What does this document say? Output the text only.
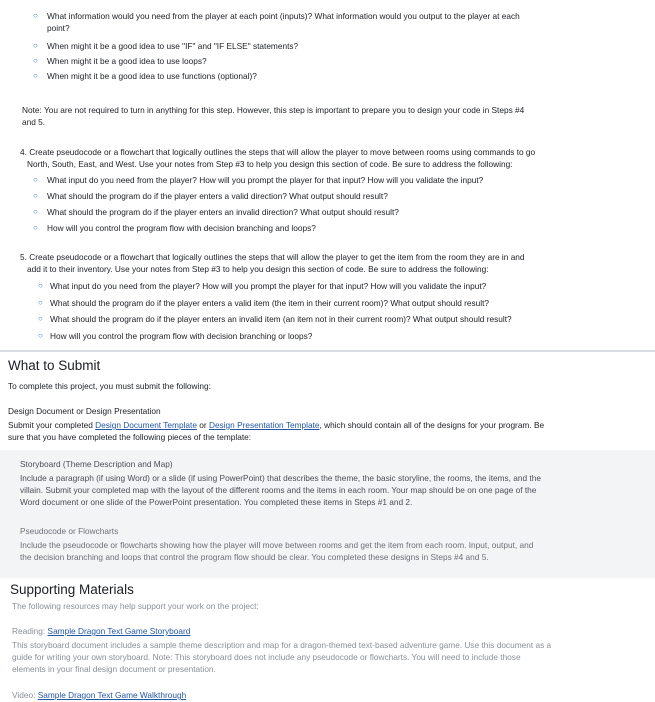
○ What information would you need from the player at each point (inputs)? What information would you output to the player at each
point?
○ When might it be a good idea to use "IF" and "IF ELSE" statements?
○ When might it be a good idea to use loops?
○ When might it be a good idea to use functions (optional)?
Note: You are not required to turn in anything for this step. However, this step is important to prepare you to design your code in Steps #4
and 5.
4. Create pseudocode or a flowchart that logically outlines the steps that will allow the player to move between rooms using commands to go
North, South, East, and West. Use your notes from Step #3 to help you design this section of code. Be sure to address the following:
○ What input do you need from the player? How will you prompt the player for that input? How will you validate the input?
○ What should the program do if the player enters a valid direction? What output should result?
○ What should the program do if the player enters an invalid direction? What output should result?
○ How will you control the program flow with decision branching and loops?
5. Create pseudocode or a flowchart that logically outlines the steps that will allow the player to get the item from the room they are in and
add it to their inventory. Use your notes from Step #3 to help you design this section of code. Be sure to address the following:
○ What input do you need from the player? How will you prompt the player for that input? How will you validate the input?
○ What should the program do if the player enters a valid item (the item in their current room)? What output should result?
○ What should the program do if the player enters an invalid item (an item not in their current room)? What output should result?
○ How will you control the program flow with decision branching or loops?
What to Submit
To complete this project, you must submit the following:
Design Document or Design Presentation
Submit your completed Design Document Template or Design Presentation Template, which should contain all of the designs for your program. Be
sure that you have completed the following pieces of the template:
Storyboard (Theme Description and Map)
Include a paragraph (if using Word) or a slide (if using PowerPoint) that describes the theme, the basic storyline, the rooms, the items, and the
villain. Submit your completed map with the layout of the different rooms and the items in each room. Your map should be on one page of the
Word document or one slide of the PowerPoint presentation. You completed these items in Steps #1 and 2.
Pseudocode or Flowcharts
Include the pseudocode or flowcharts showing how the player will move between rooms and get the item from each room. Input, output, and
the decision branching and loops that control the program flow should be clear. You completed these designs in Steps #4 and 5.
Supporting Materials
The following resources may help support your work on the project:
Reading: Sample Dragon Text Game Storyboard
This storyboard document includes a sample theme description and map for a dragon-themed text-based adventure game. Use this document as a
guide for writing your own storyboard. Note: This storyboard does not include any pseudocode or flowcharts. You will need to include those
elements in your final design document or presentation.
Video: Sample Dragon Text Game Walkthrough
